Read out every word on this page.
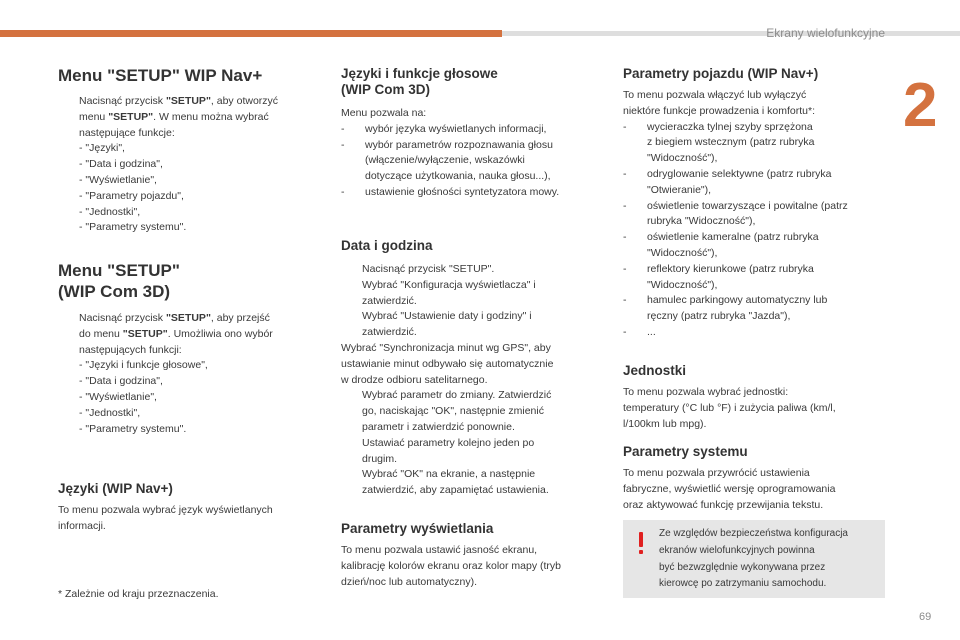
Ekrany wielofunkcyjne
2
69
Menu "SETUP" WIP Nav+
Nacisnąć przycisk "SETUP", aby otworzyć
menu "SETUP". W menu można wybrać
następujące funkcje:
- "Języki",
- "Data i godzina",
- "Wyświetlanie",
- "Parametry pojazdu",
- "Jednostki",
- "Parametry systemu".
Menu "SETUP"
(WIP Com 3D)
Nacisnąć przycisk "SETUP", aby przejść
do menu "SETUP". Umożliwia ono wybór
następujących funkcji:
- "Języki i funkcje głosowe",
- "Data i godzina",
- "Wyświetlanie",
- "Jednostki",
- "Parametry systemu".
Języki (WIP Nav+)
To menu pozwala wybrać język wyświetlanych
informacji.
* Zależnie od kraju przeznaczenia.
Języki i funkcje głosowe
(WIP Com 3D)
Menu pozwala na:
- wybór języka wyświetlanych informacji,
- wybór parametrów rozpoznawania głosu
(włączenie/wyłączenie, wskazówki
dotyczące użytkowania, nauka głosu...),
- ustawienie głośności syntetyzatora mowy.
Data i godzina
Nacisnąć przycisk "SETUP".
Wybrać "Konfiguracja wyświetlacza" i
zatwierdzić.
Wybrać "Ustawienie daty i godziny" i
zatwierdzić.
Wybrać "Synchronizacja minut wg GPS", aby
ustawianie minut odbywało się automatycznie
w drodze odbioru satelitarnego.
Wybrać parametr do zmiany. Zatwierdzić
go, naciskając "OK", następnie zmienić
parametr i zatwierdzić ponownie.
Ustawiać parametry kolejno jeden po
drugim.
Wybrać "OK" na ekranie, a następnie
zatwierdzić, aby zapamiętać ustawienia.
Parametry wyświetlania
To menu pozwala ustawić jasność ekranu,
kalibrację kolorów ekranu oraz kolor mapy (tryb
dzień/noc lub automatyczny).
Parametry pojazdu (WIP Nav+)
To menu pozwala włączyć lub wyłączyć
niektóre funkcje prowadzenia i komfortu*:
- wycieraczka tylnej szyby sprzężona
z biegiem wstecznym (patrz rubryka
"Widoczność"),
- odryglowanie selektywne (patrz rubryka
"Otwieranie"),
- oświetlenie towarzyszące i powitalne (patrz
rubryka "Widoczność"),
- oświetlenie kameralne (patrz rubryka
"Widoczność"),
- reflektory kierunkowe (patrz rubryka
"Widoczność"),
- hamulec parkingowy automatyczny lub
ręczny (patrz rubryka "Jazda"),
- ...
Jednostki
To menu pozwala wybrać jednostki:
temperatury (°C lub °F) i zużycia paliwa (km/l,
l/100km lub mpg).
Parametry systemu
To menu pozwala przywrócić ustawienia
fabryczne, wyświetlić wersję oprogramowania
oraz aktywować funkcję przewijania tekstu.
Ze względów bezpieczeństwa konfiguracja
ekranów wielofunkcyjnych powinna
być bezwzględnie wykonywana przez
kierowcę po zatrzymaniu samochodu.
